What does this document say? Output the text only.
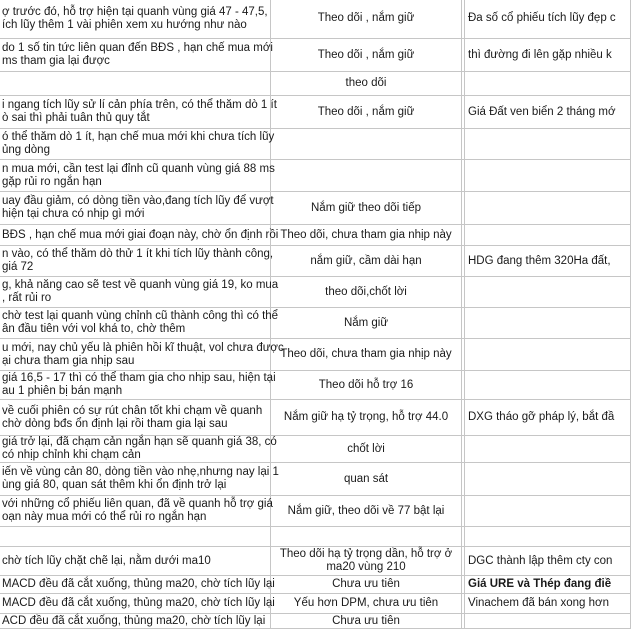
ợ trước đó, hỗ trợ hiện tại quanh vùng giá 47 - 47,5,
ích lũy thêm 1 vài phiên xem xu hướng như nào	Theo dõi , nắm giữ		Đa số cổ phiếu tích lũy đẹp c

do 1 số tin tức liên quan đến BĐS , hạn chế mua mới
ms tham gia lại được	Theo dõi , nắm giữ		thì đường đi lên gặp nhiều k

	theo dõi		

i ngang tích lũy sử lí cản phía trên, có thể thăm dò 1 ít
ò sai thì phải tuân thủ quy tắt	Theo dõi , nắm giữ		Giá Đất ven biển 2 tháng mớ

ó thể thăm dò 1 ít, hạn chế mua mới khi chưa tích lũy
ủng dòng			

n mua mới, cần test lại đỉnh cũ quanh vùng giá 88 ms
gặp rủi ro ngắn hạn			

uay đầu giảm, có dòng tiền vào,đang tích lũy để vượt
hiện tại chưa có nhịp gì mới	Nắm giữ theo dõi tiếp		

BĐS , hạn chế mua mới giai đoạn này, chờ ổn định rồi	Theo dõi, chưa tham gia nhịp này		

n vào, có thể thăm dò thử 1 ít khi tích lũy thành công,
giá 72	nắm giữ, cầm dài hạn		HDG đang thêm 320Ha đất,

g, khả năng cao sẽ test về quanh vùng giá 19, ko mua
, rất rủi ro	theo dõi,chốt lời		

chờ test lại quanh vùng chỉnh cũ thành công thì có thể
ân đầu tiên với vol khá to, chờ thêm	Nắm giữ		

u mới, nay chủ yếu là phiên hồi kĩ thuật, vol chưa được
ại chưa tham gia nhịp sau	Theo dõi, chưa tham gia nhịp này		

giá 16,5 - 17 thì có thể tham gia cho nhịp sau, hiện tại
au 1 phiên bị bán mạnh	Theo dõi hỗ trợ 16		

về cuối phiên có sự rút chân tốt khi chạm về quanh
chờ dòng bđs ổn định lại rồi tham gia lại sau	Nắm giữ hạ tỷ trọng, hỗ trợ 44.0		DXG tháo gỡ pháp lý, bắt đầ

giá trở lại, đã chạm cản ngắn hạn sẽ quanh giá 38, có
có nhịp chỉnh khi chạm cản	chốt lời		

iến về vùng cản 80, dòng tiền vào nhẹ,nhưng nay lại 1
ùng giá 80, quan sát thêm khi ổn định trở lại	quan sát		

với những cổ phiếu liên quan, đã về quanh hỗ trợ giá
oạn này mua mới có thể rủi ro ngắn hạn	Nắm giữ, theo dõi về 77 bật lại		

chờ tích lũy chặt chẽ lại, nằm dưới ma10	Theo dõi hạ tỷ trọng dần, hỗ trợ ở
ma20 vùng 210		DGC thành lập thêm cty con

MACD đều đã cắt xuống, thủng ma20, chờ tích lũy lại	Chưa ưu tiên		Giá URE và Thép đang điề

MACD đều đã cắt xuống, thủng ma20, chờ tích lũy lại	Yếu hơn DPM, chưa ưu tiên		Vinachem đã bán xong hơn

ACD đều đã cắt xuống, thủng ma20, chờ tích lũy lại	Chưa ưu tiên		
